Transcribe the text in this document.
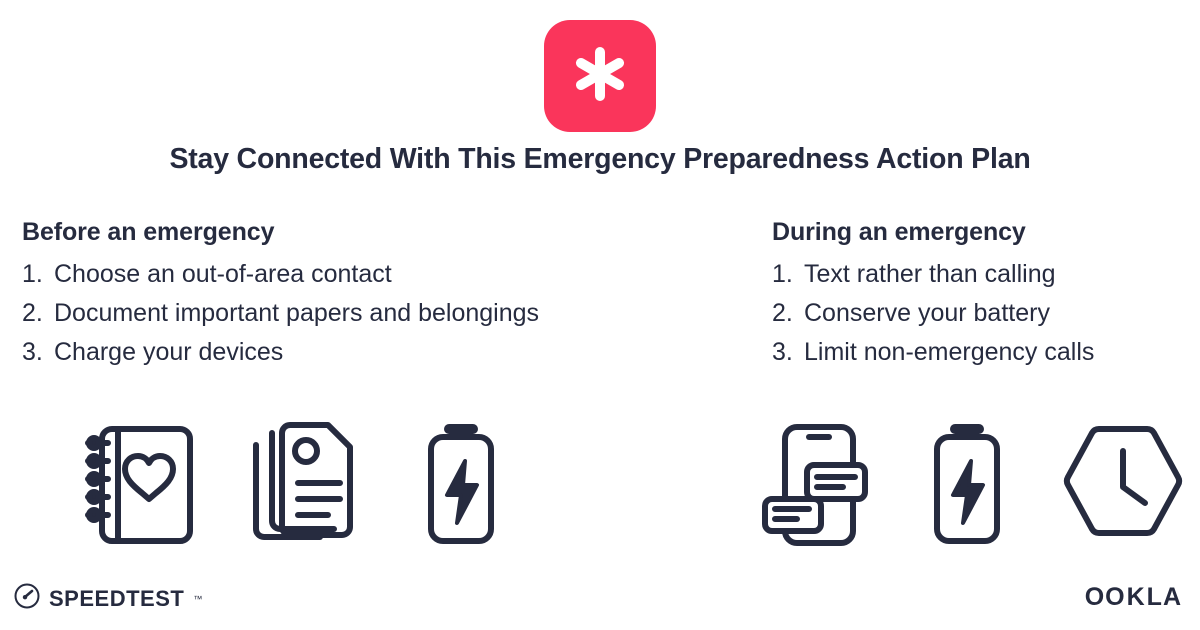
Stay Connected With This Emergency Preparedness Action Plan
Before an emergency
1. Choose an out-of-area contact
2. Document important papers and belongings
3. Charge your devices
During an emergency
1. Text rather than calling
2. Conserve your battery
3. Limit non-emergency calls
SPEEDTEST ™	OO K LA
